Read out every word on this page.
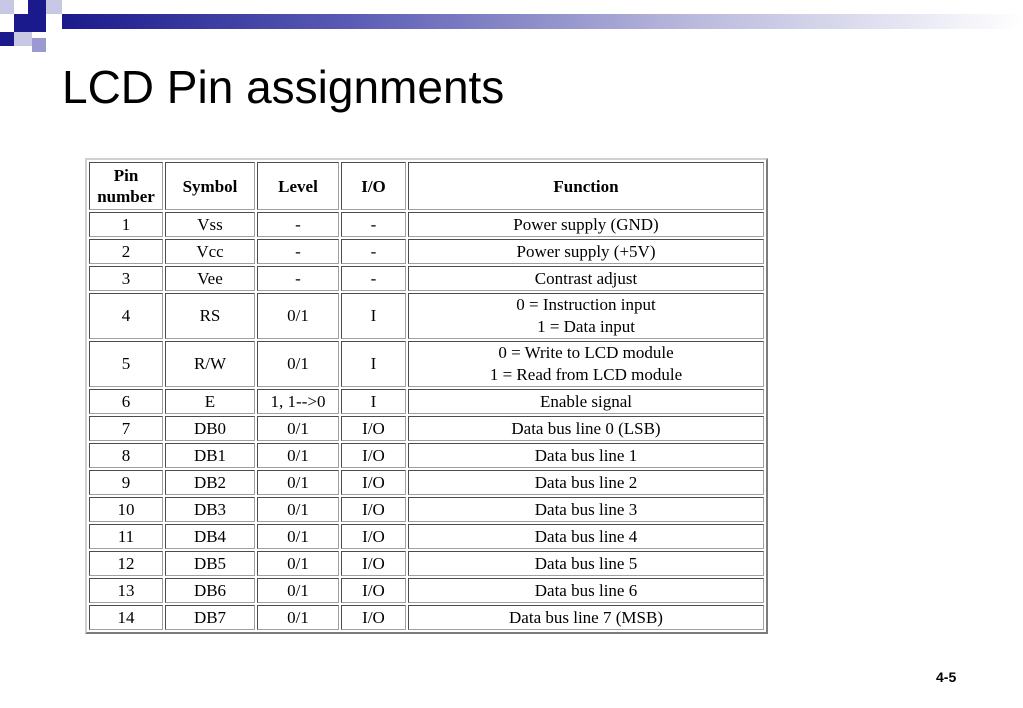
LCD Pin assignments
Pin number	Symbol	Level	I/O	Function
1	Vss	-	-	Power supply (GND)

2	Vcc	-	-	Power supply (+5V)

3	Vee	-	-	Contrast adjust

4	RS	0/1	I	0 = Instruction input
1 = Data input

5	R/W	0/1	I	0 = Write to LCD module
1 = Read from LCD module

6	E	1, 1-->0	I	Enable signal

7	DB0	0/1	I/O	Data bus line 0 (LSB)

8	DB1	0/1	I/O	Data bus line 1

9	DB2	0/1	I/O	Data bus line 2

10	DB3	0/1	I/O	Data bus line 3

11	DB4	0/1	I/O	Data bus line 4

12	DB5	0/1	I/O	Data bus line 5

13	DB6	0/1	I/O	Data bus line 6

14	DB7	0/1	I/O	Data bus line 7 (MSB)
4-5
